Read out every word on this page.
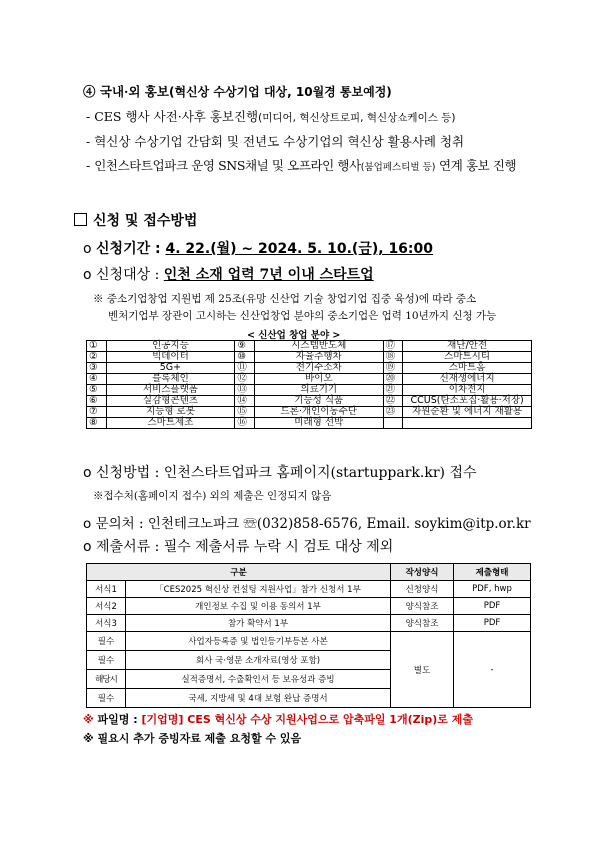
④ 국내·외 홍보(혁신상 수상기업 대상, 10월경 통보예정)
- CES 행사 사전·사후 홍보진행(미디어, 혁신상트로피, 혁신상쇼케이스 등)
- 혁신상 수상기업 간담회 및 전년도 수상기업의 혁신상 활용사례 청취
- 인천스타트업파크 운영 SNS채널 및 오프라인 행사(붐업페스티벌 등) 연계 홍보 진행
신청 및 접수방법
o 신청기간 : 4. 22.(월) ~ 2024. 5. 10.(금), 16:00
o 신청대상 : 인천 소재 업력 7년 이내 스타트업
※ 중소기업창업 지원법 제 25조(유망 신산업 기술 창업기업 집중 육성)에 따라 중소
벤처기업부 장관이 고시하는 신산업창업 분야의 중소기업은 업력 10년까지 신청 가능
< 신산업 창업 분야 >
①	인공지능	⑨	시스템반도체	⑰	재난/안전
②	빅데이터	⑩	자율주행차	⑱	스마트시티
③	5G+	⑪	전기수소차	⑲	스마트홈
④	블록체인	⑫	바이오	⑳	신재생에너지
⑤	서비스플랫폼	⑬	의료기기	㉑	이차전지
⑥	실감형콘텐츠	⑭	기능성 식품	㉒	CCUS(탄소포집·활용·저장)
⑦	지능형 로봇	⑮	드론·개인이동수단	㉓	자원순환 및 에너지 재활용
⑧	스마트제조	⑯	미래형 선박		
o 신청방법 : 인천스타트업파크 홈페이지(startuppark.kr) 접수
※접수처(홈페이지 접수) 외의 제출은 인정되지 않음
o 문의처 : 인천테크노파크 ☏(032)858-6576, Email. soykim@itp.or.kr
o 제출서류 : 필수 제출서류 누락 시 검토 대상 제외
구분		작성양식	제출형태
서식1	「CES2025 혁신상 컨설팅 지원사업」참가 신청서 1부	신청양식	PDF, hwp
서식2	개인정보 수집 및 이용 동의서 1부	양식참조	PDF
서식3	참가 확약서 1부	양식참조	PDF
필수	사업자등록증 및 법인등기부등본 사본	별도	-
필수	회사 국·영문 소개자료(영상 포함)		
해당시	실적증명서, 수출확인서 등 보유성과 증빙		
필수	국세, 지방세 및 4대 보험 완납 증명서		
※ 파일명 : [기업명] CES 혁신상 수상 지원사업으로 압축파일 1개(Zip)로 제출
※ 필요시 추가 증빙자료 제출 요청할 수 있음
